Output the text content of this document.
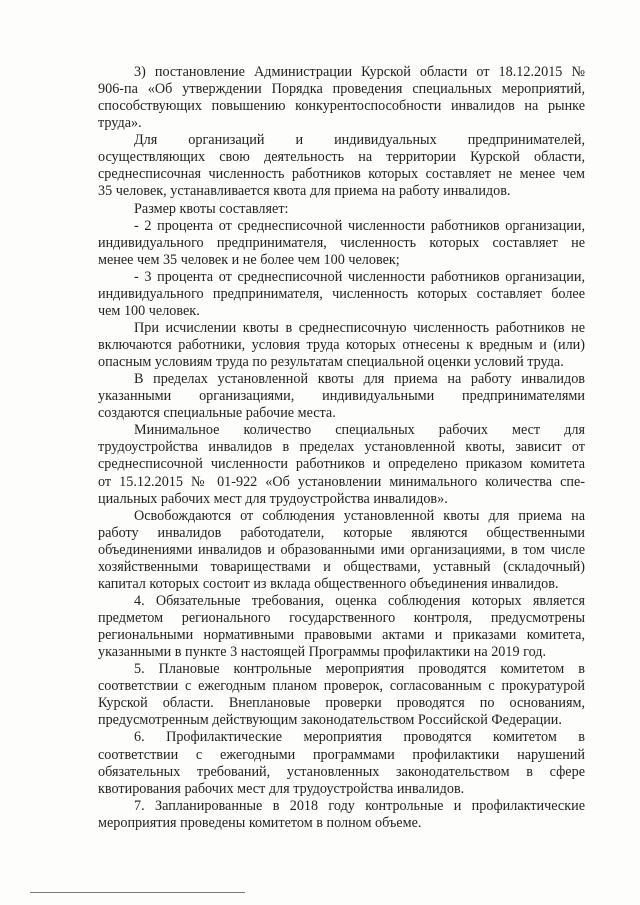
3) постановление Администрации Курской области от 18.12.2015 №
906-па «Об утверждении Порядка проведения специальных мероприятий,
способствующих повышению конкурентоспособности инвалидов на рынке
труда».
Для организаций и индивидуальных предпринимателей,
осуществляющих свою деятельность на территории Курской области,
среднесписочная численность работников которых составляет не менее чем
35 человек, устанавливается квота для приема на работу инвалидов.
Размер квоты составляет:
- 2 процента от среднесписочной численности работников организации,
индивидуального предпринимателя, численность которых составляет не
менее чем 35 человек и не более чем 100 человек;
- 3 процента от среднесписочной численности работников организации,
индивидуального предпринимателя, численность которых составляет более
чем 100 человек.
При исчислении квоты в среднесписочную численность работников не
включаются работники, условия труда которых отнесены к вредным и (или)
опасным условиям труда по результатам специальной оценки условий труда.
В пределах установленной квоты для приема на работу инвалидов
указанными организациями, индивидуальными предпринимателями
создаются специальные рабочие места.
Минимальное количество специальных рабочих мест для
трудоустройства инвалидов в пределах установленной квоты, зависит от
среднесписочной численности работников и определено приказом комитета
от 15.12.2015 № 01-922 «Об установлении минимального количества спе-
циальных рабочих мест для трудоустройства инвалидов».
Освобождаются от соблюдения установленной квоты для приема на
работу инвалидов работодатели, которые являются общественными
объединениями инвалидов и образованными ими организациями, в том числе
хозяйственными товариществами и обществами, уставный (складочный)
капитал которых состоит из вклада общественного объединения инвалидов.
4. Обязательные требования, оценка соблюдения которых является
предметом регионального государственного контроля, предусмотрены
региональными нормативными правовыми актами и приказами комитета,
указанными в пункте 3 настоящей Программы профилактики на 2019 год.
5. Плановые контрольные мероприятия проводятся комитетом в
соответствии с ежегодным планом проверок, согласованным с прокуратурой
Курской области. Внеплановые проверки проводятся по основаниям,
предусмотренным действующим законодательством Российской Федерации.
6. Профилактические мероприятия проводятся комитетом в
соответствии с ежегодными программами профилактики нарушений
обязательных требований, установленных законодательством в сфере
квотирования рабочих мест для трудоустройства инвалидов.
7. Запланированные в 2018 году контрольные и профилактические
мероприятия проведены комитетом в полном объеме.
